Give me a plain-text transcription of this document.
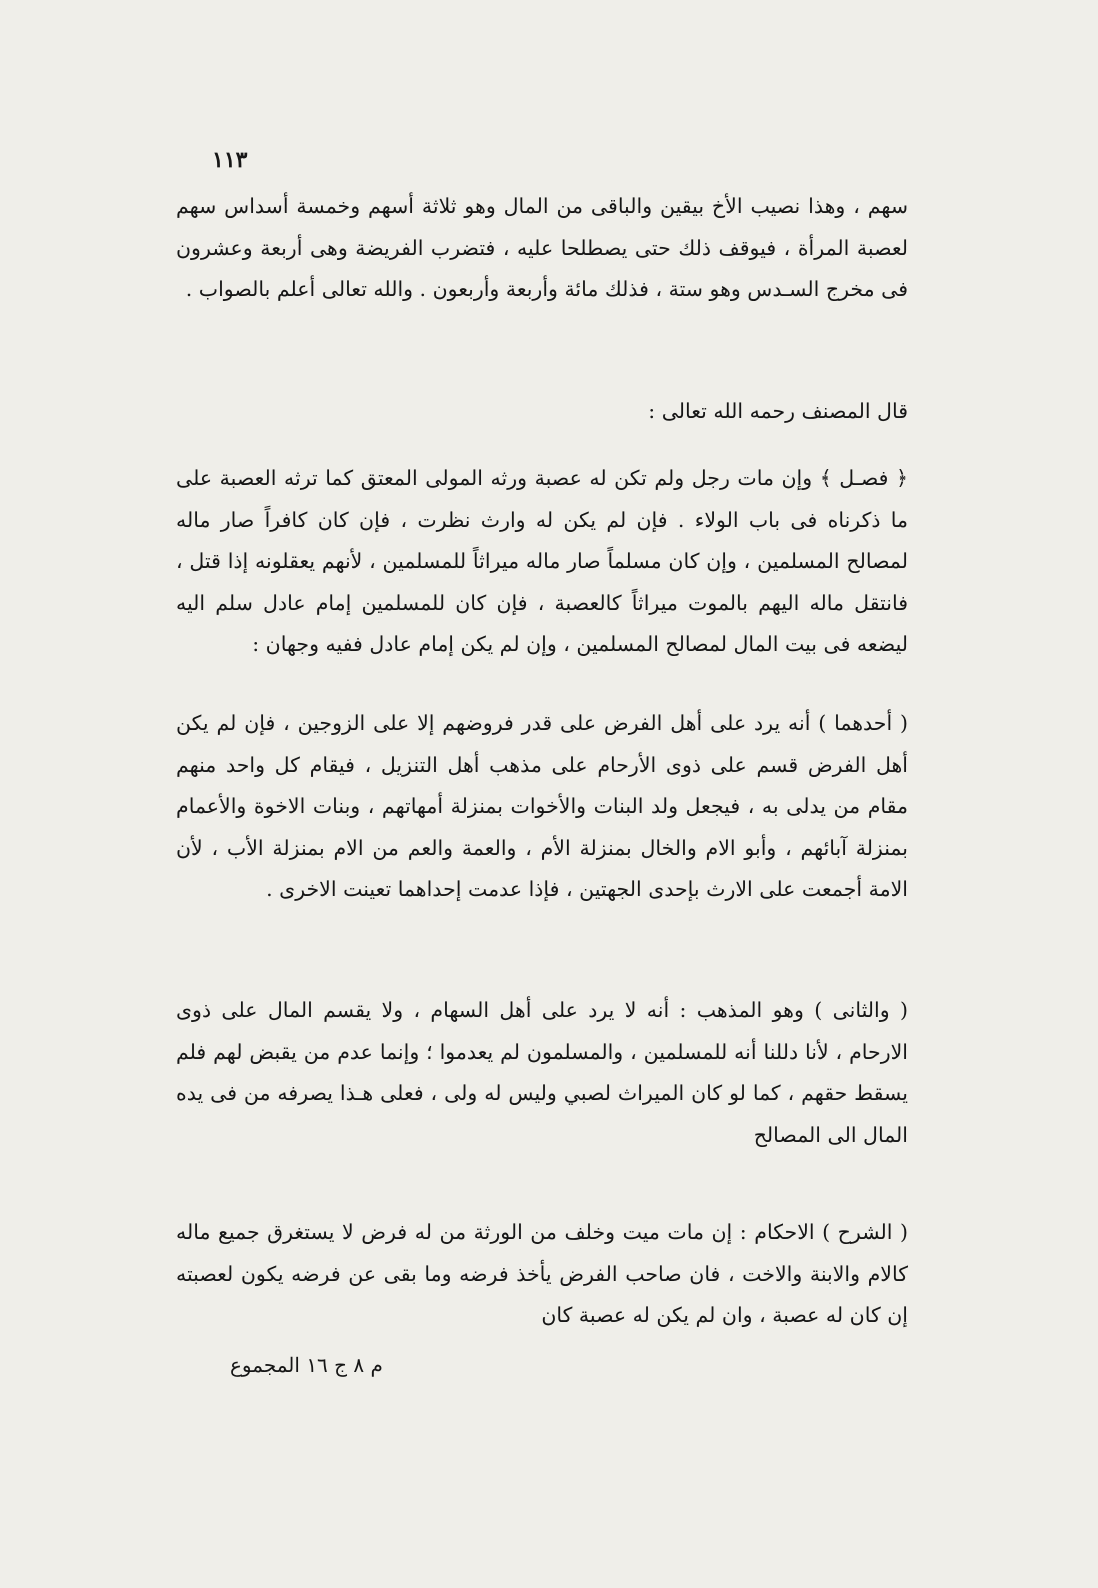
١١٣

سهم ، وهذا نصيب الأخ بيقين والباقى من المال وهو ثلاثة أسهم وخمسة أسداس سهم لعصبة المرأة ، فيوقف ذلك حتى يصطلحا عليه ، فتضرب الفريضة وهى أربعة وعشرون فى مخرج السـدس وهو ستة ، فذلك مائة وأربعة وأربعون . والله تعالى أعلم بالصواب .

قال المصنف رحمه الله تعالى :

﴿ فصـل ﴾ وإن مات رجل ولم تكن له عصبة ورثه المولى المعتق كما ترثه العصبة على ما ذكرناه فى باب الولاء . فإن لم يكن له وارث نظرت ، فإن كان كافراً صار ماله لمصالح المسلمين ، وإن كان مسلماً صار ماله ميراثاً للمسلمين ، لأنهم يعقلونه إذا قتل ، فانتقل ماله اليهم بالموت ميراثاً كالعصبة ، فإن كان للمسلمين إمام عادل سلم اليه ليضعه فى بيت المال لمصالح المسلمين ، وإن لم يكن إمام عادل ففيه وجهان :

( أحدهما ) أنه يرد على أهل الفرض على قدر فروضهم إلا على الزوجين ، فإن لم يكن أهل الفرض قسم على ذوى الأرحام على مذهب أهل التنزيل ، فيقام كل واحد منهم مقام من يدلى به ، فيجعل ولد البنات والأخوات بمنزلة أمهاتهم ، وبنات الاخوة والأعمام بمنزلة آبائهم ، وأبو الام والخال بمنزلة الأم ، والعمة والعم من الام بمنزلة الأب ، لأن الامة أجمعت على الارث بإحدى الجهتين ، فإذا عدمت إحداهما تعينت الاخرى .

( والثانى ) وهو المذهب : أنه لا يرد على أهل السهام ، ولا يقسم المال على ذوى الارحام ، لأنا دللنا أنه للمسلمين ، والمسلمون لم يعدموا ؛ وإنما عدم من يقبض لهم فلم يسقط حقهم ، كما لو كان الميراث لصبي وليس له ولى ، فعلى هـذا يصرفه من فى يده المال الى المصالح

( الشرح ) الاحكام : إن مات ميت وخلف من الورثة من له فرض لا يستغرق جميع ماله كالام والابنة والاخت ، فان صاحب الفرض يأخذ فرضه وما بقى عن فرضه يكون لعصبته إن كان له عصبة ، وان لم يكن له عصبة كان

م ٨ ج ١٦ المجموع
